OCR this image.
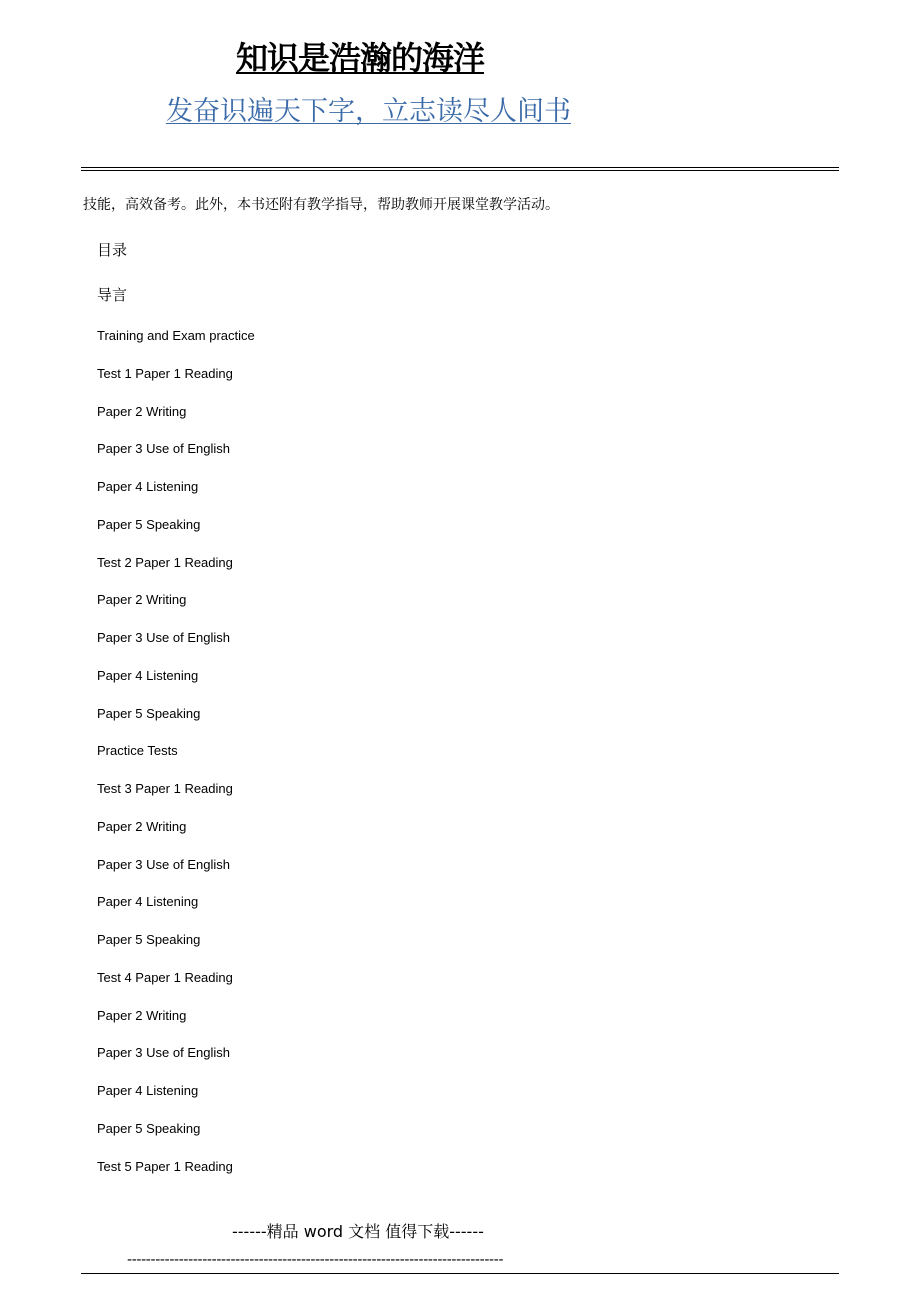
知识是浩瀚的海洋
发奋识遍天下字，立志读尽人间书
技能，高效备考。此外，本书还附有教学指导，帮助教师开展课堂教学活动。
目录
导言
Training and Exam practice
Test 1 Paper 1 Reading
Paper 2 Writing
Paper 3 Use of English
Paper 4 Listening
Paper 5 Speaking
Test 2 Paper 1 Reading
Paper 2 Writing
Paper 3 Use of English
Paper 4 Listening
Paper 5 Speaking
Practice Tests
Test 3 Paper 1 Reading
Paper 2 Writing
Paper 3 Use of English
Paper 4 Listening
Paper 5 Speaking
Test 4 Paper 1 Reading
Paper 2 Writing
Paper 3 Use of English
Paper 4 Listening
Paper 5 Speaking
Test 5 Paper 1 Reading
------精品 word 文档 值得下载------
--------------------------------------------------------------------------------
